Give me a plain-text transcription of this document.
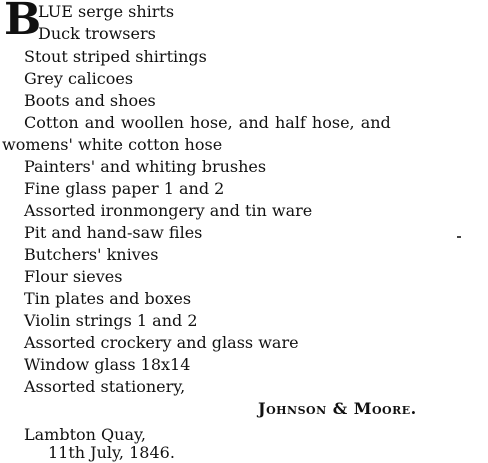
B
LUE serge shirts
Duck trowsers
Stout striped shirtings
Grey calicoes
Boots and shoes
Cotton and woollen hose, and half hose, and
womens' white cotton hose
Painters' and whiting brushes
Fine glass paper 1 and 2
Assorted ironmongery and tin ware
Pit and hand-saw files
Butchers' knives
Flour sieves
Tin plates and boxes
Violin strings 1 and 2
Assorted crockery and glass ware
Window glass 18x14
Assorted stationery,
Johnson & Moore.
Lambton Quay,
11th July, 1846.
